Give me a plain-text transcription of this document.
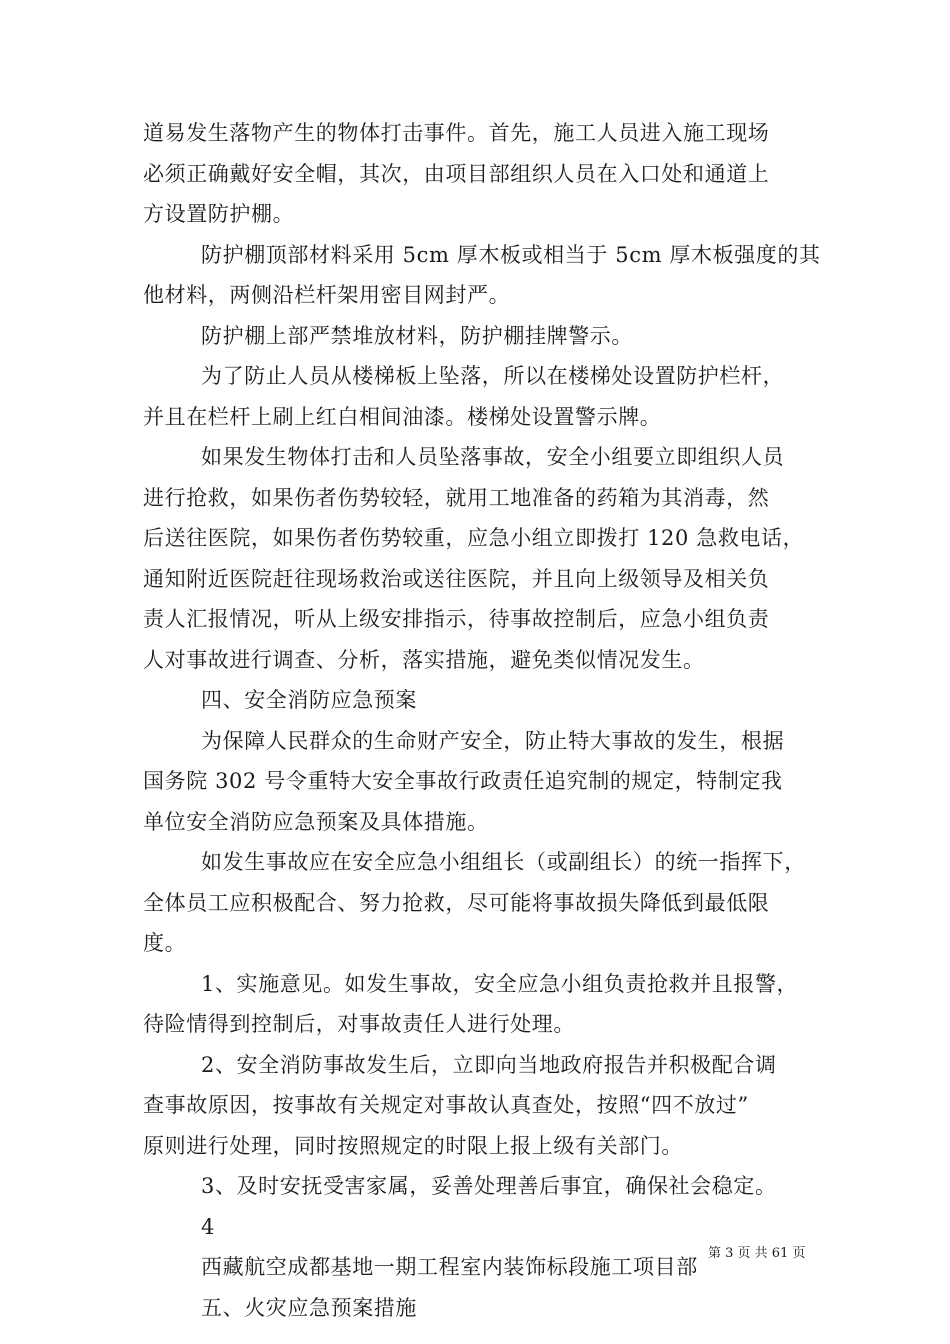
道易发生落物产生的物体打击事件。首先，施工人员进入施工现场
必须正确戴好安全帽，其次，由项目部组织人员在入口处和通道上
方设置防护棚。
防护棚顶部材料采用 5cm 厚木板或相当于 5cm 厚木板强度的其
他材料，两侧沿栏杆架用密目网封严。
防护棚上部严禁堆放材料，防护棚挂牌警示。
为了防止人员从楼梯板上坠落，所以在楼梯处设置防护栏杆，
并且在栏杆上刷上红白相间油漆。楼梯处设置警示牌。
如果发生物体打击和人员坠落事故，安全小组要立即组织人员
进行抢救，如果伤者伤势较轻，就用工地准备的药箱为其消毒，然
后送往医院，如果伤者伤势较重，应急小组立即拨打 120 急救电话，
通知附近医院赶往现场救治或送往医院，并且向上级领导及相关负
责人汇报情况，听从上级安排指示，待事故控制后，应急小组负责
人对事故进行调查、分析，落实措施，避免类似情况发生。
四、安全消防应急预案
为保障人民群众的生命财产安全，防止特大事故的发生，根据
国务院 302 号令重特大安全事故行政责任追究制的规定，特制定我
单位安全消防应急预案及具体措施。
如发生事故应在安全应急小组组长（或副组长）的统一指挥下，
全体员工应积极配合、努力抢救，尽可能将事故损失降低到最低限
度。
1、实施意见。如发生事故，安全应急小组负责抢救并且报警，
待险情得到控制后，对事故责任人进行处理。
2、安全消防事故发生后，立即向当地政府报告并积极配合调
查事故原因，按事故有关规定对事故认真查处，按照“四不放过”
原则进行处理，同时按照规定的时限上报上级有关部门。
3、及时安抚受害家属，妥善处理善后事宜，确保社会稳定。
4
西藏航空成都基地一期工程室内装饰标段施工项目部
五、火灾应急预案措施
第 3 页 共 61 页
